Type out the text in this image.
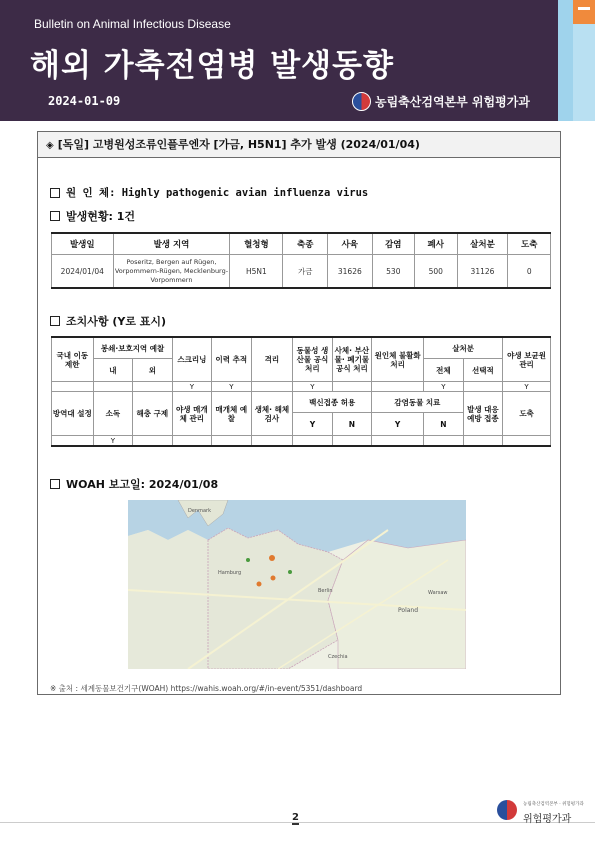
Bulletin on Animal Infectious Disease
해외 가축전염병 발생동향
2024-01-09	농림축산검역본부 위험평가과
◈ [독일] 고병원성조류인플루엔자 [가금, H5N1] 추가 발생 (2024/01/04)
원 인 체: Highly pathogenic avian influenza virus
발생현황: 1건
발생일	발생 지역	혈청형	축종	사육	감염	폐사	살처분	도축
2024/01/04	Poseritz, Bergen auf Rügen, Vorpommern-Rügen, Mecklenburg-Vorpommern	H5N1	가금	31626	530	500	31126	0
조치사항 (Y로 표시)
국내 이동 제한	봉쇄·보호지역 예찰		스크리닝	이력 추적	격리	동물성 생산물 공식 처리	사체· 부산물· 폐기물 공식 처리	원인체 불활화 처리	살처분		야생 보균원 관리
	내	외							전체	선택적	
			Y	Y		Y			Y		Y
방역대 설정	소독	해충 구제	야생 매개체 관리	매개체 예찰	생체· 해체 검사	백신접종 허용		감염동물 치료		발생 대응 예방 접종	도축
						Y	N	Y	N		
	Y										
WOAH 보고일: 2024/01/08
Denmark
Hamburg
Berlin
Poland
Czechia
Warsaw
※ 출처 : 세계동물보건기구(WOAH) https://wahis.woah.org/#/in-event/5351/dashboard
2
농림축산검역본부 · 위험평가과
위험평가과
